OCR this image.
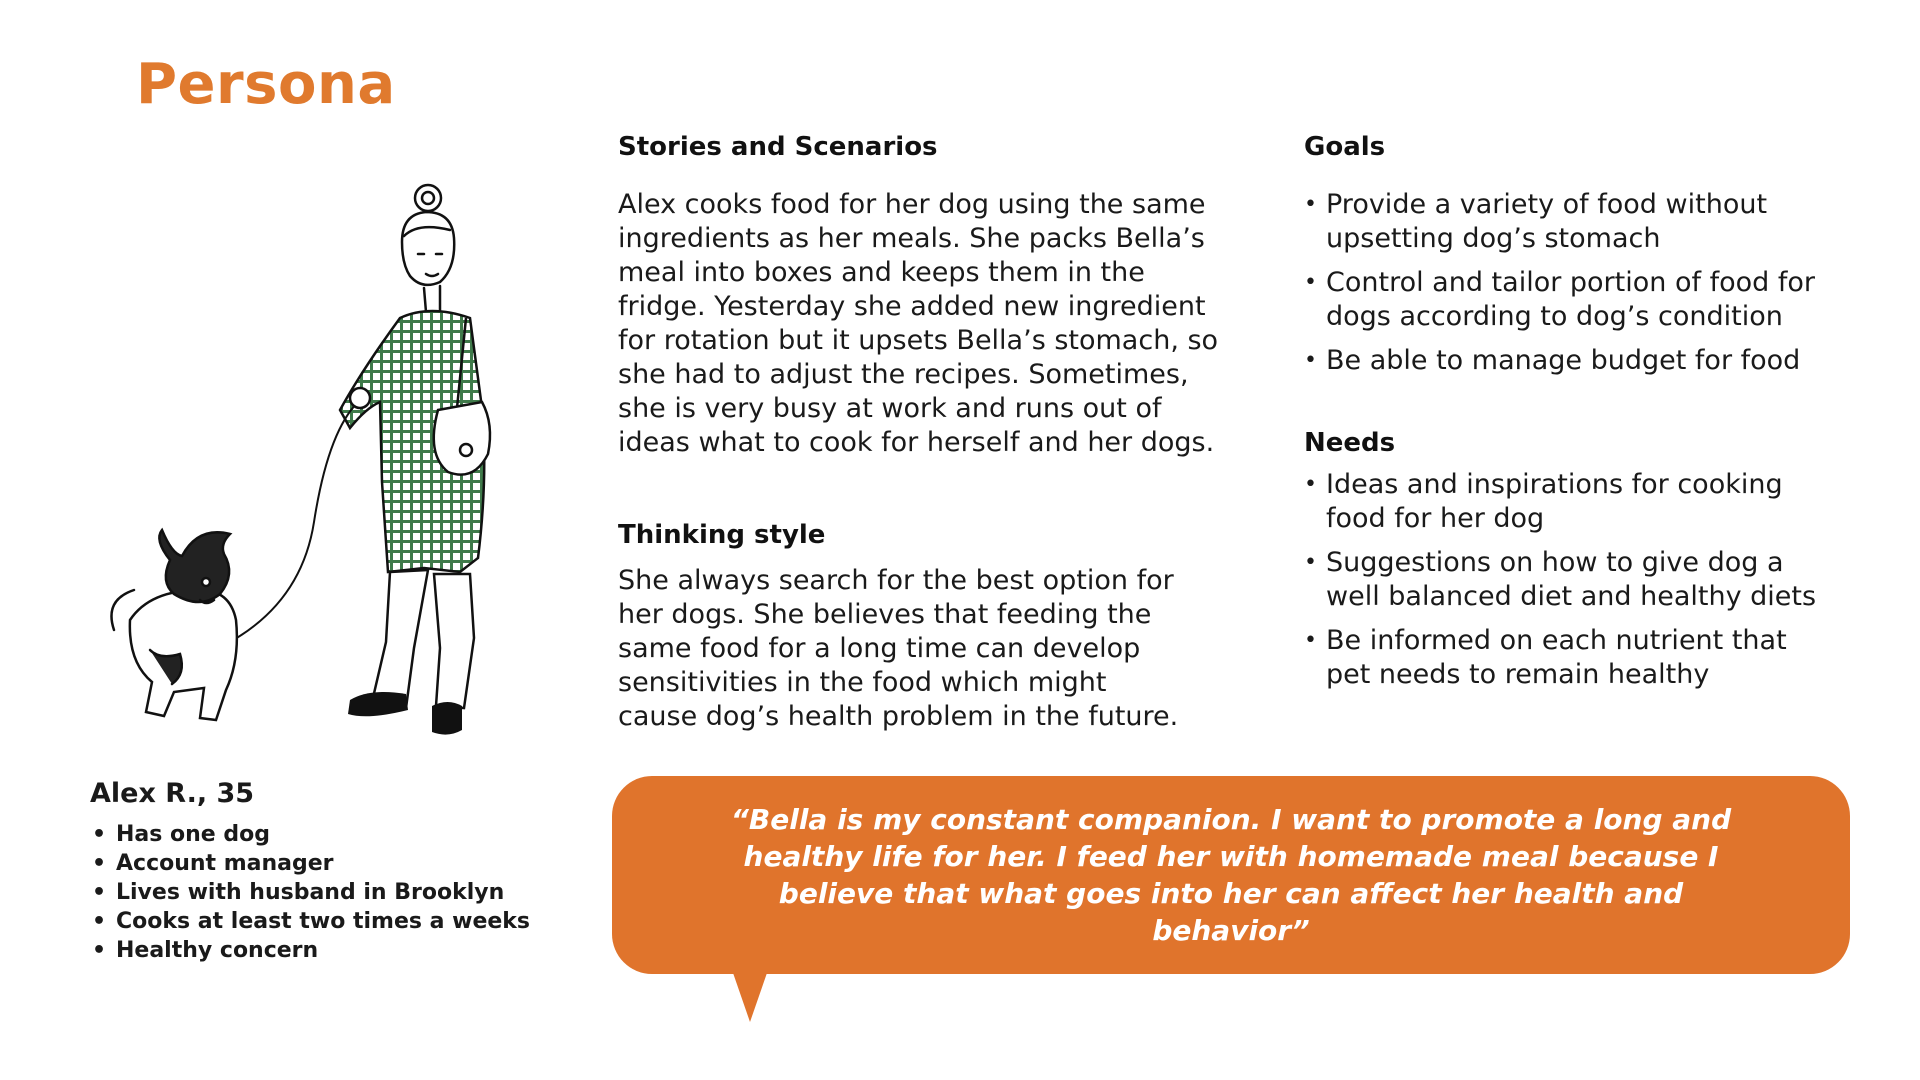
Persona
Stories and Scenarios
Alex cooks food for her dog using the same
ingredients as her meals. She packs Bella’s
meal into boxes and keeps them in the
fridge. Yesterday she added new ingredient
for rotation but it upsets Bella’s stomach, so
she had to adjust the recipes. Sometimes,
she is very busy at work and runs out of
ideas what to cook for herself and her dogs.
Thinking style
She always search for the best option for
her dogs. She believes that feeding the
same food for a long time can develop
sensitivities in the food which might
cause dog’s health problem in the future.
Goals
• Provide a variety of food without
upsetting dog’s stomach
• Control and tailor portion of food for
dogs according to dog’s condition
• Be able to manage budget for food
Needs
• Ideas and inspirations for cooking
food for her dog
• Suggestions on how to give dog a
well balanced diet and healthy diets
• Be informed on each nutrient that
pet needs to remain healthy
Alex R., 35
• Has one dog
• Account manager
• Lives with husband in Brooklyn
• Cooks at least two times a weeks
• Healthy concern

“Bella is my constant companion. I want to promote a long and
healthy life for her. I feed her with homemade meal because I
believe that what goes into her can affect her health and behavior”
